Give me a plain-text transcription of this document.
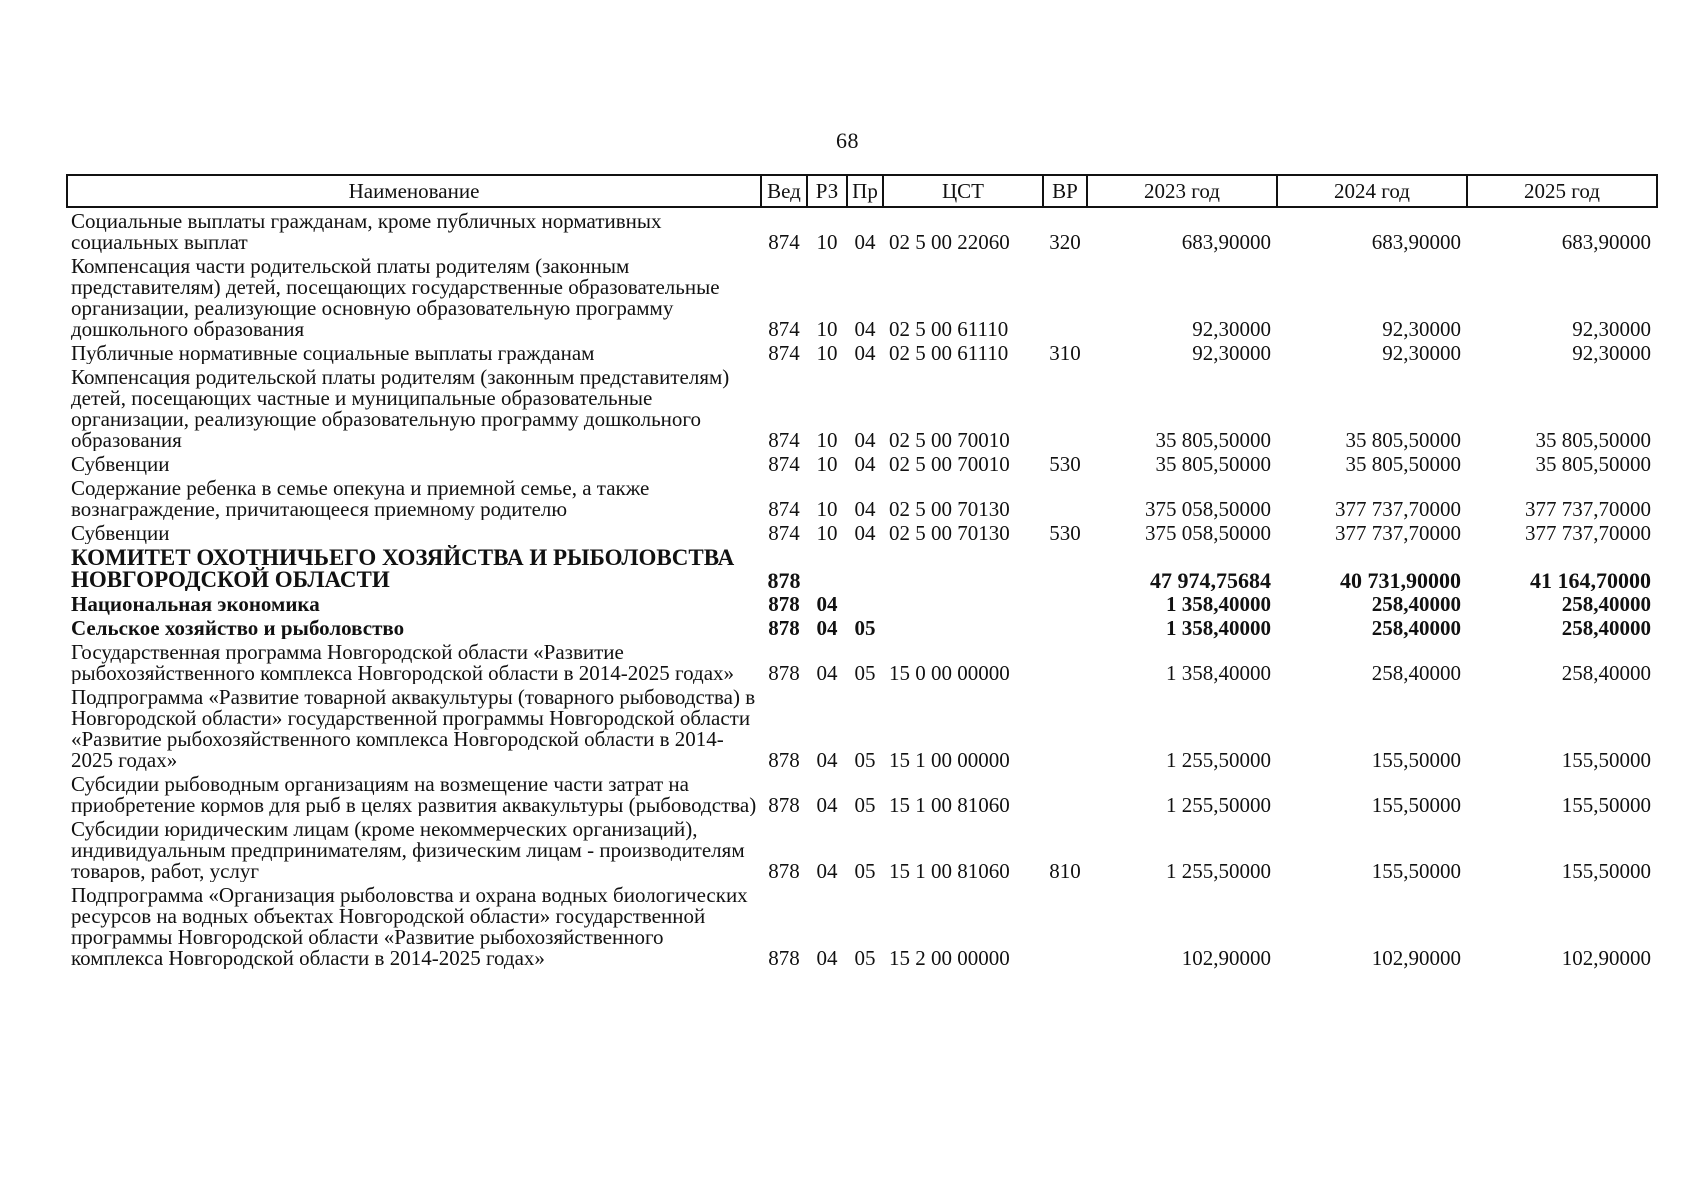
68
Наименование	Вед	РЗ	Пр	ЦСТ	ВР	2023 год	2024 год	2025 год
Социальные выплаты гражданам, кроме публичных нормативных социальных выплат	874	10	04	02 5 00 22060	320	683,90000	683,90000	683,90000
Компенсация части родительской платы родителям (законным представителям) детей, посещающих государственные образовательные организации, реализующие основную образовательную программу дошкольного образования	874	10	04	02 5 00 61110		92,30000	92,30000	92,30000
Публичные нормативные социальные выплаты гражданам	874	10	04	02 5 00 61110	310	92,30000	92,30000	92,30000
Компенсация родительской платы родителям (законным представителям) детей, посещающих частные и муниципальные образовательные организации, реализующие образовательную программу дошкольного образования	874	10	04	02 5 00 70010		35 805,50000	35 805,50000	35 805,50000
Субвенции	874	10	04	02 5 00 70010	530	35 805,50000	35 805,50000	35 805,50000
Содержание ребенка в семье опекуна и приемной семье, а также вознаграждение, причитающееся приемному родителю	874	10	04	02 5 00 70130		375 058,50000	377 737,70000	377 737,70000
Субвенции	874	10	04	02 5 00 70130	530	375 058,50000	377 737,70000	377 737,70000
КОМИТЕТ ОХОТНИЧЬЕГО ХОЗЯЙСТВА И РЫБОЛОВСТВА НОВГОРОДСКОЙ ОБЛАСТИ	878					47 974,75684	40 731,90000	41 164,70000
Национальная экономика	878	04				1 358,40000	258,40000	258,40000
Сельское хозяйство и рыболовство	878	04	05			1 358,40000	258,40000	258,40000
Государственная программа Новгородской области «Развитие рыбохозяйственного комплекса Новгородской области в 2014-2025 годах»	878	04	05	15 0 00 00000		1 358,40000	258,40000	258,40000
Подпрограмма «Развитие товарной аквакультуры (товарного рыбоводства) в Новгородской области» государственной программы Новгородской области «Развитие рыбохозяйственного комплекса Новгородской области в 2014-2025 годах»	878	04	05	15 1 00 00000		1 255,50000	155,50000	155,50000
Субсидии рыбоводным организациям на возмещение части затрат на приобретение кормов для рыб в целях развития аквакультуры (рыбоводства)	878	04	05	15 1 00 81060		1 255,50000	155,50000	155,50000
Субсидии юридическим лицам (кроме некоммерческих организаций), индивидуальным предпринимателям, физическим лицам - производителям товаров, работ, услуг	878	04	05	15 1 00 81060	810	1 255,50000	155,50000	155,50000
Подпрограмма «Организация рыболовства и охрана водных биологических ресурсов на водных объектах Новгородской области» государственной программы Новгородской области «Развитие рыбохозяйственного комплекса Новгородской области в 2014-2025 годах»	878	04	05	15 2 00 00000		102,90000	102,90000	102,90000
